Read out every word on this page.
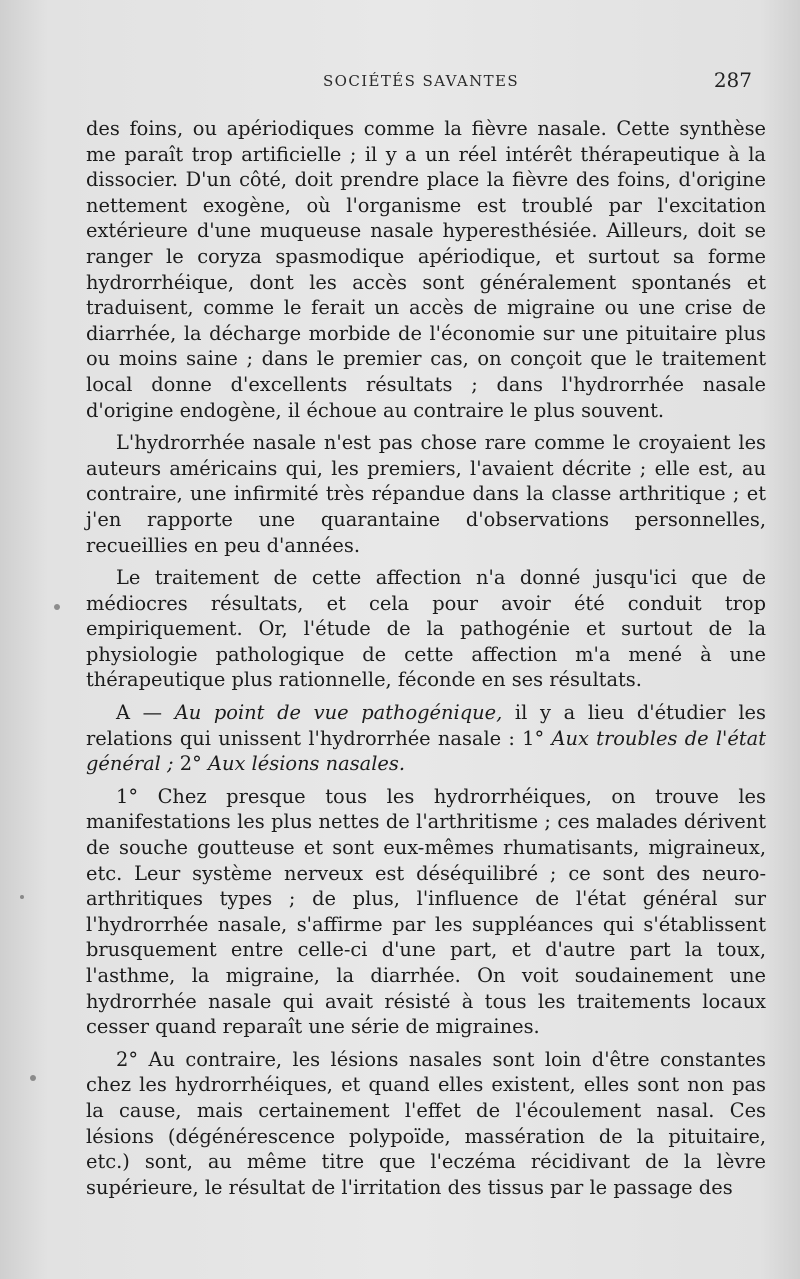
SOCIÉTÉS SAVANTES	287

des foins, ou apériodiques comme la fièvre nasale. Cette synthèse me paraît trop artificielle ; il y a un réel intérêt thérapeutique à la dissocier. D'un côté, doit prendre place la fièvre des foins, d'origine nettement exogène, où l'organisme est troublé par l'excitation extérieure d'une muqueuse nasale hyperesthésiée. Ailleurs, doit se ranger le coryza spasmodique apériodique, et surtout sa forme hydrorrhéique, dont les accès sont généralement spontanés et traduisent, comme le ferait un accès de migraine ou une crise de diarrhée, la décharge morbide de l'économie sur une pituitaire plus ou moins saine ; dans le premier cas, on conçoit que le traitement local donne d'excellents résultats ; dans l'hydrorrhée nasale d'origine endogène, il échoue au contraire le plus souvent.

L'hydrorrhée nasale n'est pas chose rare comme le croyaient les auteurs américains qui, les premiers, l'avaient décrite ; elle est, au contraire, une infirmité très répandue dans la classe arthritique ; et j'en rapporte une quarantaine d'observations personnelles, recueillies en peu d'années.

Le traitement de cette affection n'a donné jusqu'ici que de médiocres résultats, et cela pour avoir été conduit trop empiriquement. Or, l'étude de la pathogénie et surtout de la physiologie pathologique de cette affection m'a mené à une thérapeutique plus rationnelle, féconde en ses résultats.

A — Au point de vue pathogénique, il y a lieu d'étudier les relations qui unissent l'hydrorrhée nasale : 1° Aux troubles de l'état général ; 2° Aux lésions nasales.

1° Chez presque tous les hydrorrhéiques, on trouve les manifestations les plus nettes de l'arthritisme ; ces malades dérivent de souche goutteuse et sont eux-mêmes rhumatisants, migraineux, etc. Leur système nerveux est déséquilibré ; ce sont des neuro-arthritiques types ; de plus, l'influence de l'état général sur l'hydrorrhée nasale, s'affirme par les suppléances qui s'établissent brusquement entre celle-ci d'une part, et d'autre part la toux, l'asthme, la migraine, la diarrhée. On voit soudainement une hydrorrhée nasale qui avait résisté à tous les traitements locaux cesser quand reparaît une série de migraines.

2° Au contraire, les lésions nasales sont loin d'être constantes chez les hydrorrhéiques, et quand elles existent, elles sont non pas la cause, mais certainement l'effet de l'écoulement nasal. Ces lésions (dégénérescence polypoïde, massération de la pituitaire, etc.) sont, au même titre que l'eczéma récidivant de la lèvre supérieure, le résultat de l'irritation des tissus par le passage des
